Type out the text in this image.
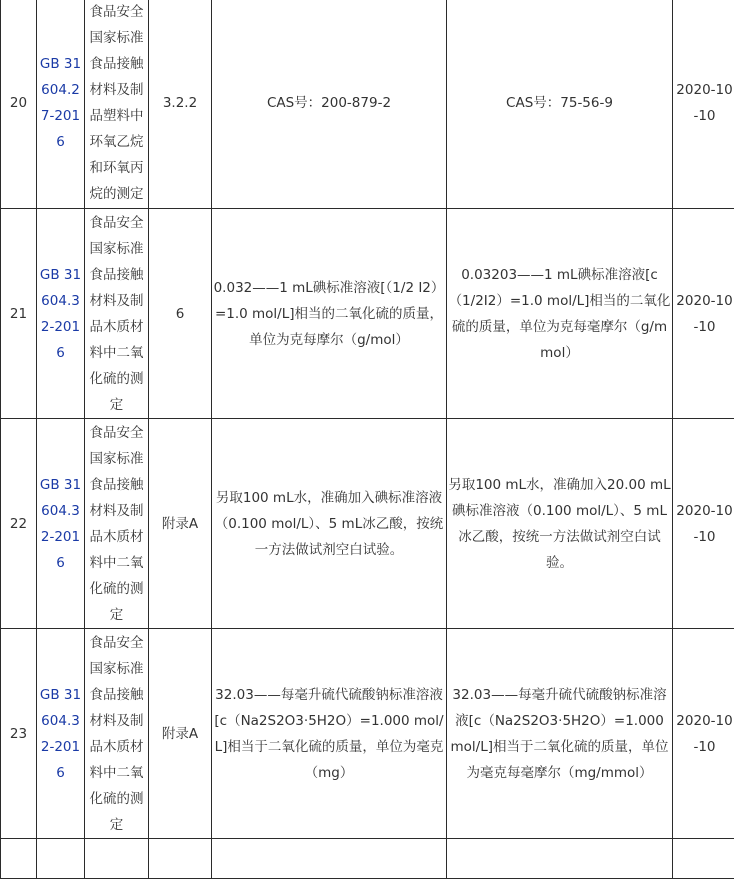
20	GB 31604.27-2016	食品安全国家标准食品接触材料及制品塑料中环氧乙烷和环氧丙烷的测定	3.2.2	CAS号：200-879-2	CAS号：75-56-9	2020-10-10
21	GB 31604.32-2016	食品安全国家标准食品接触材料及制品木质材料中二氧化硫的测定	6	0.032——1 mL碘标准溶液[（1/2 I2）=1.0 mol/L]相当的二氧化硫的质量，单位为克每摩尔（g/mol）	0.03203——1 mL碘标准溶液[c（1/2I2）=1.0 mol/L]相当的二氧化硫的质量，单位为克每毫摩尔（g/mmol）	2020-10-10
22	GB 31604.32-2016	食品安全国家标准食品接触材料及制品木质材料中二氧化硫的测定	附录A	另取100 mL水，准确加入碘标准溶液（0.100 mol/L）、5 mL冰乙酸，按统一方法做试剂空白试验。	另取100 mL水，准确加入20.00 mL碘标准溶液（0.100 mol/L）、5 mL冰乙酸，按统一方法做试剂空白试验。	2020-10-10
23	GB 31604.32-2016	食品安全国家标准食品接触材料及制品木质材料中二氧化硫的测定	附录A	32.03——每毫升硫代硫酸钠标准溶液[c（Na2S2O3·5H2O）=1.000 mol/L]相当于二氧化硫的质量，单位为毫克（mg）	32.03——每毫升硫代硫酸钠标准溶液[c（Na2S2O3·5H2O）=1.000 mol/L]相当于二氧化硫的质量，单位为毫克每毫摩尔（mg/mmol）	2020-10-10
